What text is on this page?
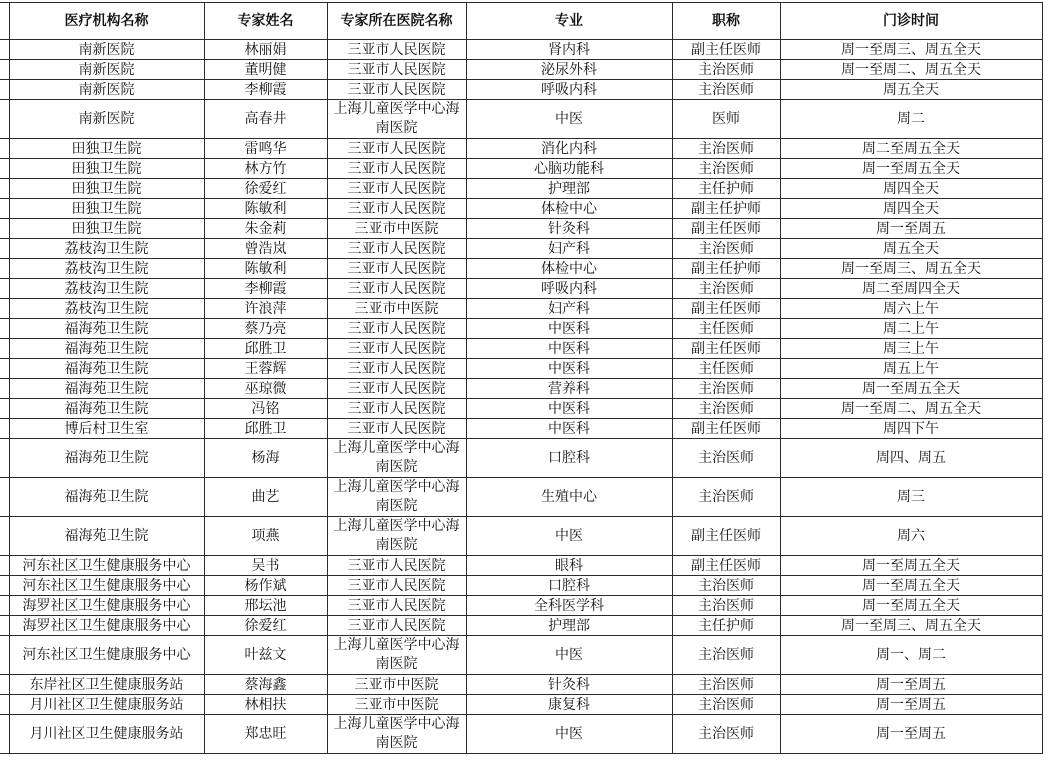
	医疗机构名称	专家姓名	专家所在医院名称	专业	职称	门诊时间
	南新医院	林丽娟	三亚市人民医院	肾内科	副主任医师	周一至周三、周五全天
	南新医院	董明健	三亚市人民医院	泌尿外科	主治医师	周一至周二、周五全天
	南新医院	李柳霞	三亚市人民医院	呼吸内科	主治医师	周五全天
	南新医院	高春井	上海儿童医学中心海南医院	中医	医师	周二
	田独卫生院	雷鸣华	三亚市人民医院	消化内科	主治医师	周二至周五全天
	田独卫生院	林方竹	三亚市人民医院	心脑功能科	主治医师	周一至周五全天
	田独卫生院	徐爱红	三亚市人民医院	护理部	主任护师	周四全天
	田独卫生院	陈敏利	三亚市人民医院	体检中心	副主任护师	周四全天
	田独卫生院	朱金莉	三亚市中医院	针灸科	副主任医师	周一至周五
	荔枝沟卫生院	曾浩岚	三亚市人民医院	妇产科	主治医师	周五全天
	荔枝沟卫生院	陈敏利	三亚市人民医院	体检中心	副主任护师	周一至周三、周五全天
	荔枝沟卫生院	李柳霞	三亚市人民医院	呼吸内科	主治医师	周二至周四全天
	荔枝沟卫生院	许浪萍	三亚市中医院	妇产科	副主任医师	周六上午
	福海苑卫生院	蔡乃亮	三亚市人民医院	中医科	主任医师	周二上午
	福海苑卫生院	邱胜卫	三亚市人民医院	中医科	副主任医师	周三上午
	福海苑卫生院	王蓉辉	三亚市人民医院	中医科	主任医师	周五上午
	福海苑卫生院	巫琼微	三亚市人民医院	营养科	主治医师	周一至周五全天
	福海苑卫生院	冯铭	三亚市人民医院	中医科	主治医师	周一至周二、周五全天
	博后村卫生室	邱胜卫	三亚市人民医院	中医科	副主任医师	周四下午
	福海苑卫生院	杨海	上海儿童医学中心海南医院	口腔科	主治医师	周四、周五
	福海苑卫生院	曲艺	上海儿童医学中心海南医院	生殖中心	主治医师	周三
	福海苑卫生院	项燕	上海儿童医学中心海南医院	中医	副主任医师	周六
	河东社区卫生健康服务中心	吴书	三亚市人民医院	眼科	副主任医师	周一至周五全天
	河东社区卫生健康服务中心	杨作斌	三亚市人民医院	口腔科	主治医师	周一至周五全天
	海罗社区卫生健康服务中心	邢坛池	三亚市人民医院	全科医学科	主治医师	周一至周五全天
	海罗社区卫生健康服务中心	徐爱红	三亚市人民医院	护理部	主任护师	周一至周三、周五全天
	河东社区卫生健康服务中心	叶兹文	上海儿童医学中心海南医院	中医	主治医师	周一、周二
	东岸社区卫生健康服务站	蔡海鑫	三亚市中医院	针灸科	主治医师	周一至周五
	月川社区卫生健康服务站	林相扶	三亚市中医院	康复科	主治医师	周一至周五
	月川社区卫生健康服务站	郑忠旺	上海儿童医学中心海南医院	中医	主治医师	周一至周五
